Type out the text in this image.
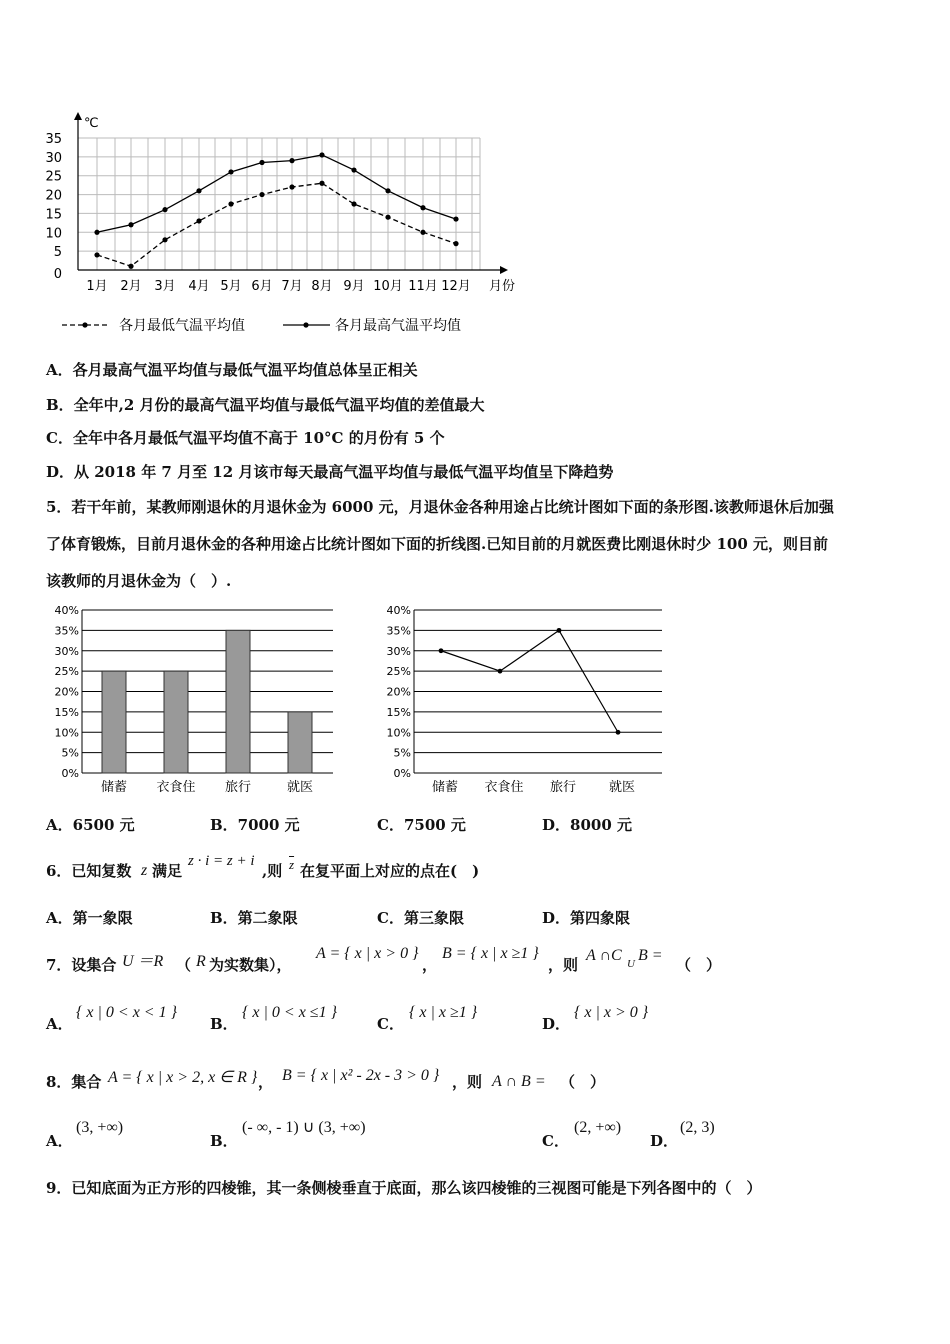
℃
35
30
25
20
15
10
5
0
1月 2月 3月 4月 5月 6月 7月 8月 9月 10月 11月 12月 月份
各月最低气温平均值	各月最高气温平均值
A．各月最高气温平均值与最低气温平均值总体呈正相关
B．全年中,2 月份的最高气温平均值与最低气温平均值的差值最大
C．全年中各月最低气温平均值不高于 10°C 的月份有 5 个
D．从 2018 年 7 月至 12 月该市每天最高气温平均值与最低气温平均值呈下降趋势
5．若干年前，某教师刚退休的月退休金为 6000 元，月退休金各种用途占比统计图如下面的条形图.该教师退休后加强
了体育锻炼，目前月退休金的各种用途占比统计图如下面的折线图.已知目前的月就医费比刚退休时少 100 元，则目前
该教师的月退休金为（　）.
40%
35%
30%
25%
20%
15%
10%
5%
0%
储蓄 衣食住 旅行	就医
40%
35%
30%
25%
20%
15%
10%
5%
0%
储蓄 衣食住 旅行	就医
A．6500 元	B．7000 元	C．7500 元	D．8000 元
6．已知复数 z 满足
z · i = z + i
,则 $\overline{z}$ 在复平面上对应的点在(　)
A．第一象限	B．第二象限	C．第三象限	D．第四象限
7．设集合 U ＝R （ R 为实数集），
A = { x | x > 0 }
，
B = { x | x ≥1 }
，则
A ∩C U B =
（　）
A．
{ x | 0 < x < 1 }
B．
{ x | 0 < x ≤1 }
C．
{ x | x ≥1 }
D．
{ x | x > 0 }
8．集合 A = { x | x > 2, x ∈ R } ， B = { x | x² - 2x - 3 > 0 } ，则 A ∩ B = （　）
A．
(3, +∞)
B．
(- ∞, - 1) ∪ (3, +∞)
C．
(2, +∞)
D．
(2, 3)
9．已知底面为正方形的四棱锥，其一条侧棱垂直于底面，那么该四棱锥的三视图可能是下列各图中的（　）
